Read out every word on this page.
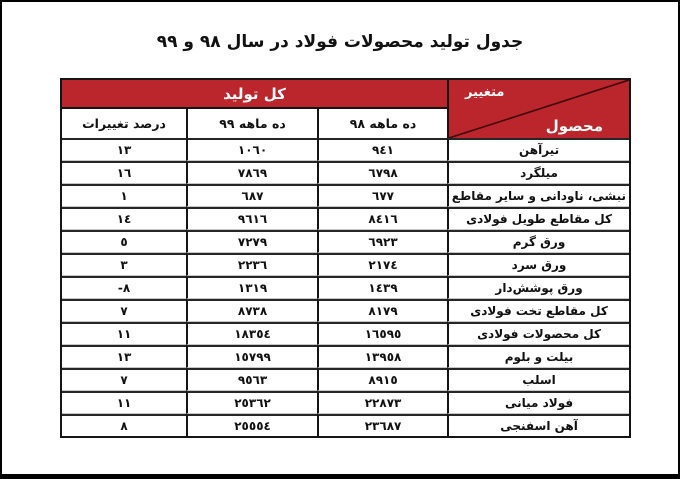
جدول تولید محصولات فولاد در سال ٩٨ و ٩٩
متغییر
محصول	کل تولید		
	ده ماهه ٩٨	ده ماهه ٩٩	درصد تغییرات
تیرآهن	٩٤١	١٠٦٠	١٣
میلگرد	٦٧٩٨	٧٨٦٩	١٦
نبشی، ناودانی و سایر مقاطع	٦٧٧	٦٨٧	١
کل مقاطع طویل فولادی	٨٤١٦	٩٦١٦	١٤
ورق گرم	٦٩٢٣	٧٢٧٩	٥
ورق سرد	٢١٧٤	٢٢٣٦	٣
ورق پوشش‌دار	١٤٣٩	١٣١٩	-٨
کل مقاطع تخت فولادی	٨١٧٩	٨٧٣٨	٧
کل محصولات فولادی	١٦٥٩٥	١٨٣٥٤	١١
بیلت و بلوم	١٣٩٥٨	١٥٧٩٩	١٣
اسلب	٨٩١٥	٩٥٦٣	٧
فولاد میانی	٢٢٨٧٣	٢٥٣٦٢	١١
آهن اسفنجی	٢٣٦٨٧	٢٥٥٥٤	٨
